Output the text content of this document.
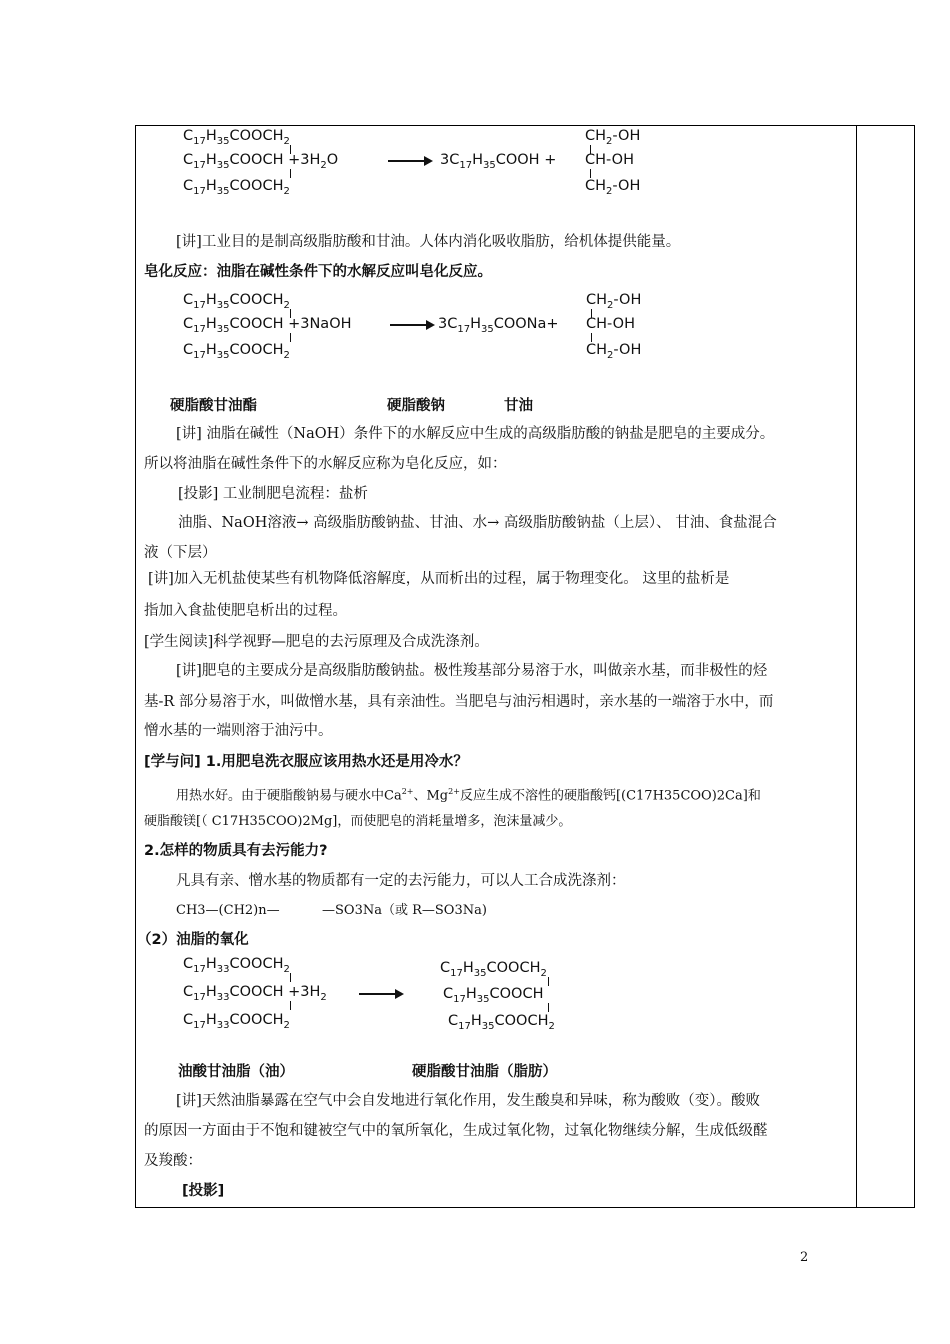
$C_{17}H_{35}COOCH_2$
$C_{17}H_{35}COOCH +3H_2O$
$C_{17}H_{35}COOCH_2$
$3C_{17}H_{35}COOH$ +
$CH_2-OH$
CH-OH
$CH_2-OH$
[讲]工业目的是制高级脂肪酸和甘油。人体内消化吸收脂肪，给机体提供能量。
皂化反应：油脂在碱性条件下的水解反应叫皂化反应。
$C_{17}H_{35}COOCH_2$
$C_{17}H_{35}COOCH$ +3NaOH
$C_{17}H_{35}COOCH_2$
$3C_{17}H_{35}COONa+$
$CH_2-OH$
CH-OH
$CH_2-OH$
硬脂酸甘油酯	硬脂酸钠	甘油
[讲] 油脂在碱性（NaOH）条件下的水解反应中生成的高级脂肪酸的钠盐是肥皂的主要成分。
所以将油脂在碱性条件下的水解反应称为皂化反应，如：
[投影] 工业制肥皂流程：盐析
油脂、NaOH溶液→ 高级脂肪酸钠盐、甘油、水→ 高级脂肪酸钠盐（上层）、 甘油、食盐混合
液（下层）
[讲]加入无机盐使某些有机物降低溶解度，从而析出的过程，属于物理变化。 这里的盐析是
指加入食盐使肥皂析出的过程。
[学生阅读]科学视野—肥皂的去污原理及合成洗涤剂。
[讲]肥皂的主要成分是高级脂肪酸钠盐。极性羧基部分易溶于水，叫做亲水基，而非极性的烃
基-R 部分易溶于水，叫做憎水基，具有亲油性。当肥皂与油污相遇时，亲水基的一端溶于水中，而
憎水基的一端则溶于油污中。
[学与问] 1.用肥皂洗衣服应该用热水还是用冷水？
用热水好。由于硬脂酸钠易与硬水中$Ca^{2+}$、$Mg^{2+}$反应生成不溶性的硬脂酸钙[(C17H35COO)2Ca]和
硬脂酸镁[（ C17H35COO)2Mg]，而使肥皂的消耗量增多，泡沫量减少。
2.怎样的物质具有去污能力?
凡具有亲、憎水基的物质都有一定的去污能力，可以人工合成洗涤剂：
CH3—(CH2)n—	—SO3Na（或 R—SO3Na)
（2）油脂的氧化
$C_{17}H_{33}COOCH_2$
$C_{17}H_{33}COOCH +3H_2$
$C_{17}H_{33}COOCH_2$
$C_{17}H_{35}COOCH_2$
$C_{17}H_{35}COOCH$
$C_{17}H_{35}COOCH_2$
油酸甘油脂（油）	硬脂酸甘油脂（脂肪）
[讲]天然油脂暴露在空气中会自发地进行氧化作用，发生酸臭和异味，称为酸败（变）。酸败
的原因一方面由于不饱和键被空气中的氧所氧化，生成过氧化物，过氧化物继续分解，生成低级醛
及羧酸：
[投影]
2
